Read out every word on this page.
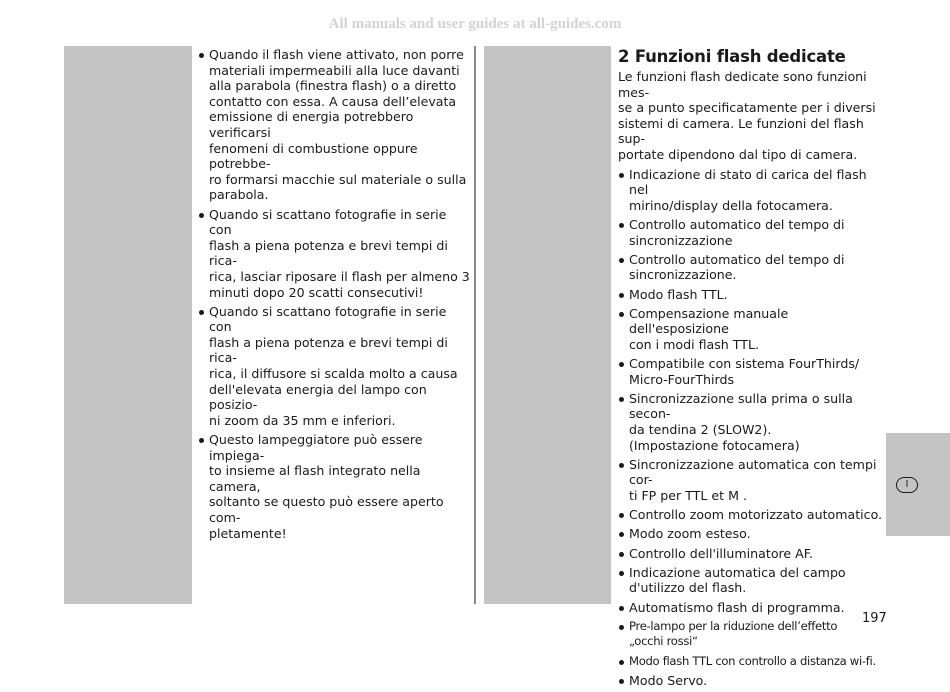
All manuals and user guides at all-guides.com
Quando il flash viene attivato, non porre
materiali impermeabili alla luce davanti
alla parabola (finestra flash) o a diretto
contatto con essa. A causa dell’elevata
emissione di energia potrebbero verificarsi
fenomeni di combustione oppure potrebbe-
ro formarsi macchie sul materiale o sulla
parabola.
Quando si scattano fotografie in serie con
flash a piena potenza e brevi tempi di rica-
rica, lasciar riposare il flash per almeno 3
minuti dopo 20 scatti consecutivi!
Quando si scattano fotografie in serie con
flash a piena potenza e brevi tempi di rica-
rica, il diffusore si scalda molto a causa
dell'elevata energia del lampo con posizio-
ni zoom da 35 mm e inferiori.
Questo lampeggiatore può essere impiega-
to insieme al flash integrato nella camera,
soltanto se questo può essere aperto com-
pletamente!
2 Funzioni flash dedicate

Le funzioni flash dedicate sono funzioni mes-
se a punto specificatamente per i diversi
sistemi di camera. Le funzioni del flash sup-
portate dipendono dal tipo di camera.

Indicazione di stato di carica del flash nel
mirino/display della fotocamera.
Controllo automatico del tempo di
sincronizzazione
Controllo automatico del tempo di
sincronizzazione.
Modo flash TTL.
Compensazione manuale dell'esposizione
con i modi flash TTL.
Compatibile con sistema FourThirds/
Micro-FourThirds
Sincronizzazione sulla prima o sulla secon-
da tendina 2 (SLOW2).
(Impostazione fotocamera)
Sincronizzazione automatica con tempi cor-
ti FP per TTL et M .
Controllo zoom motorizzato automatico.
Modo zoom esteso.
Controllo dell'illuminatore AF.
Indicazione automatica del campo
d'utilizzo del flash.
Automatismo flash di programma.
Pre-lampo per la riduzione dell’effetto
„occhi rossi“
Modo flash TTL con controllo a distanza wi-fi.
Modo Servo.
I
197
